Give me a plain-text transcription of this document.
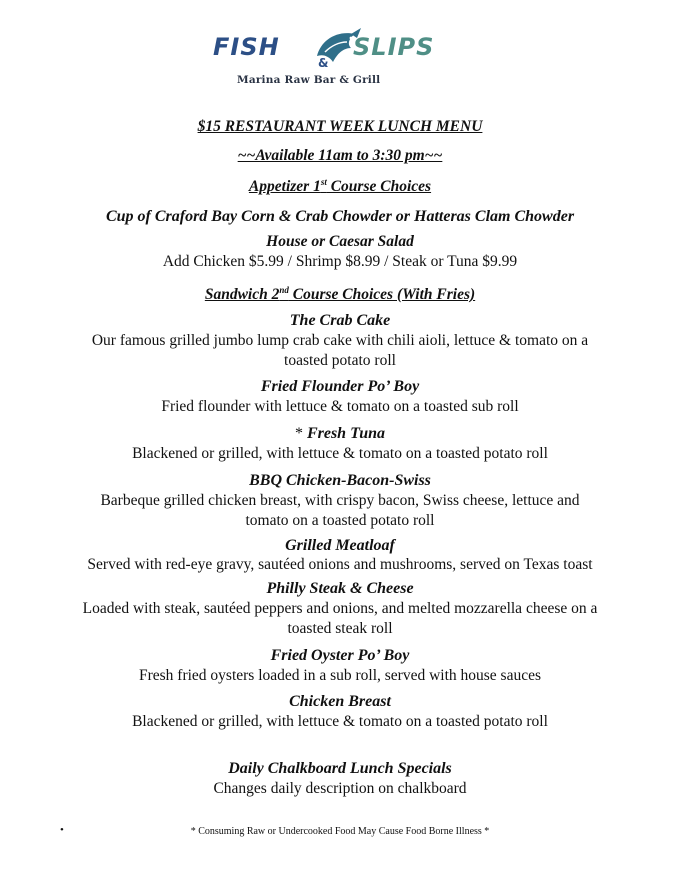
FISH
&
SLIPS
Marina Raw Bar & Grill
$15 RESTAURANT WEEK LUNCH MENU
~~Available 11am to 3:30 pm~~
Appetizer 1st Course Choices
Cup of Craford Bay Corn & Crab Chowder or Hatteras Clam Chowder
House or Caesar Salad
Add Chicken $5.99 / Shrimp $8.99 / Steak or Tuna $9.99
Sandwich 2nd Course Choices (With Fries)
The Crab Cake
Our famous grilled jumbo lump crab cake with chili aioli, lettuce & tomato on a
toasted potato roll
Fried Flounder Po’ Boy
Fried flounder with lettuce & tomato on a toasted sub roll
* Fresh Tuna
Blackened or grilled, with lettuce & tomato on a toasted potato roll
BBQ Chicken-Bacon-Swiss
Barbeque grilled chicken breast, with crispy bacon, Swiss cheese, lettuce and
tomato on a toasted potato roll
Grilled Meatloaf
Served with red-eye gravy, sautéed onions and mushrooms, served on Texas toast
Philly Steak & Cheese
Loaded with steak, sautéed peppers and onions, and melted mozzarella cheese on a
toasted steak roll
Fried Oyster Po’ Boy
Fresh fried oysters loaded in a sub roll, served with house sauces
Chicken Breast
Blackened or grilled, with lettuce & tomato on a toasted potato roll
Daily Chalkboard Lunch Specials
Changes daily description on chalkboard
•	* Consuming Raw or Undercooked Food May Cause Food Borne Illness *
